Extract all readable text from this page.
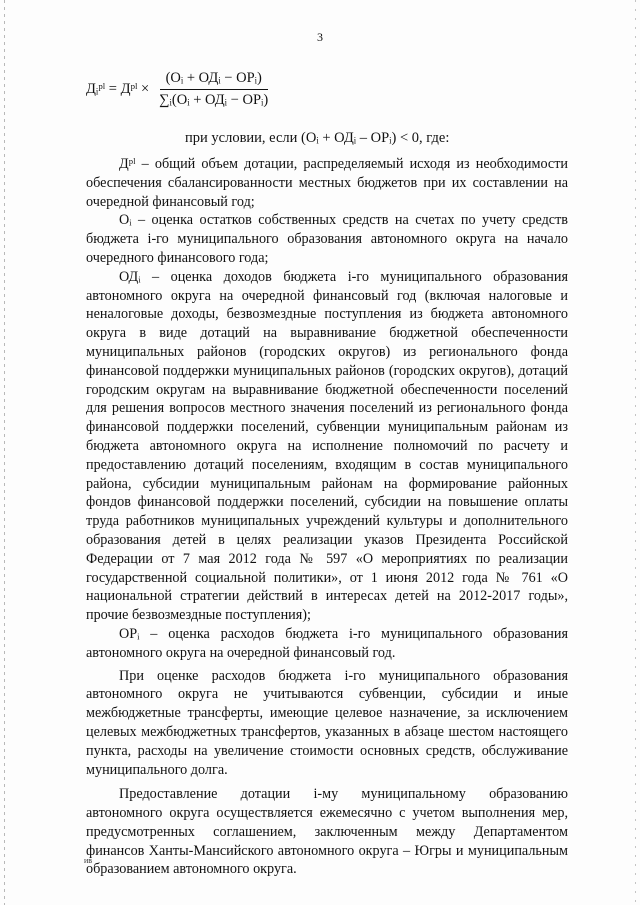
3
Дᵢᵖˡ = Дᵖˡ × $\frac{\text{(Оᵢ + ОДᵢ − ОРᵢ)}}{\text{∑ᵢ(Оᵢ + ОДᵢ − ОРᵢ)}}$
при условии, если (Оᵢ + ОДᵢ – ОРᵢ) < 0, где:

Дᵖˡ – общий объем дотации, распределяемый исходя из необходимости обеспечения сбалансированности местных бюджетов при их составлении на очередной финансовый год;

Оᵢ – оценка остатков собственных средств на счетах по учету средств бюджета і-го муниципального образования автономного округа на начало очередного финансового года;

ОДᵢ – оценка доходов бюджета і-го муниципального образования автономного округа на очередной финансовый год (включая налоговые и неналоговые доходы, безвозмездные поступления из бюджета автономного округа в виде дотаций на выравнивание бюджетной обеспеченности муниципальных районов (городских округов) из регионального фонда финансовой поддержки муниципальных районов (городских округов), дотаций городским округам на выравнивание бюджетной обеспеченности поселений для решения вопросов местного значения поселений из регионального фонда финансовой поддержки поселений, субвенции муниципальным районам из бюджета автономного округа на исполнение полномочий по расчету и предоставлению дотаций поселениям, входящим в состав муниципального района, субсидии муниципальным районам на формирование районных фондов финансовой поддержки поселений, субсидии на повышение оплаты труда работников муниципальных учреждений культуры и дополнительного образования детей в целях реализации указов Президента Российской Федерации от 7 мая 2012 года № 597 «О мероприятиях по реализации государственной социальной политики», от 1 июня 2012 года № 761 «О национальной стратегии действий в интересах детей на 2012-2017 годы», прочие безвозмездные поступления);

ОРᵢ – оценка расходов бюджета і-го муниципального образования автономного округа на очередной финансовый год.

При оценке расходов бюджета і-го муниципального образования автономного округа не учитываются субвенции, субсидии и иные межбюджетные трансферты, имеющие целевое назначение, за исключением целевых межбюджетных трансфертов, указанных в абзаце шестом настоящего пункта, расходы на увеличение стоимости основных средств, обслуживание муниципального долга.

Предоставление дотации і-му муниципальному образованию автономного округа осуществляется ежемесячно с учетом выполнения мер, предусмотренных соглашением, заключенным между Департаментом финансов Ханты-Мансийского автономного округа – Югры и муниципальным образованием автономного округа.

ив
